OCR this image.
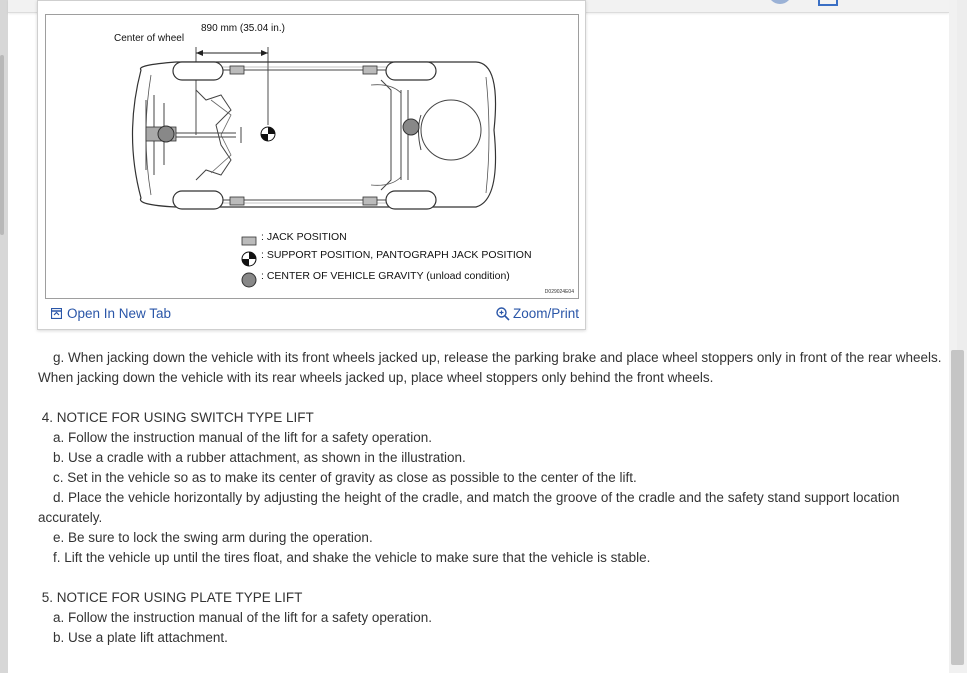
890 mm (35.04 in.)
Center of wheel
: JACK POSITION
: SUPPORT POSITION, PANTOGRAPH JACK POSITION
: CENTER OF VEHICLE GRAVITY (unload condition)
D029024E04
Open In New Tab	Zoom/Print

g. When jacking down the vehicle with its front wheels jacked up, release the parking brake and place wheel stoppers only in front of the rear wheels. When jacking down the vehicle with its rear wheels jacked up, place wheel stoppers only behind the front wheels.

4. NOTICE FOR USING SWITCH TYPE LIFT

a. Follow the instruction manual of the lift for a safety operation.

b. Use a cradle with a rubber attachment, as shown in the illustration.

c. Set in the vehicle so as to make its center of gravity as close as possible to the center of the lift.

d. Place the vehicle horizontally by adjusting the height of the cradle, and match the groove of the cradle and the safety stand support location accurately.

e. Be sure to lock the swing arm during the operation.

f. Lift the vehicle up until the tires float, and shake the vehicle to make sure that the vehicle is stable.

5. NOTICE FOR USING PLATE TYPE LIFT

a. Follow the instruction manual of the lift for a safety operation.

b. Use a plate lift attachment.
